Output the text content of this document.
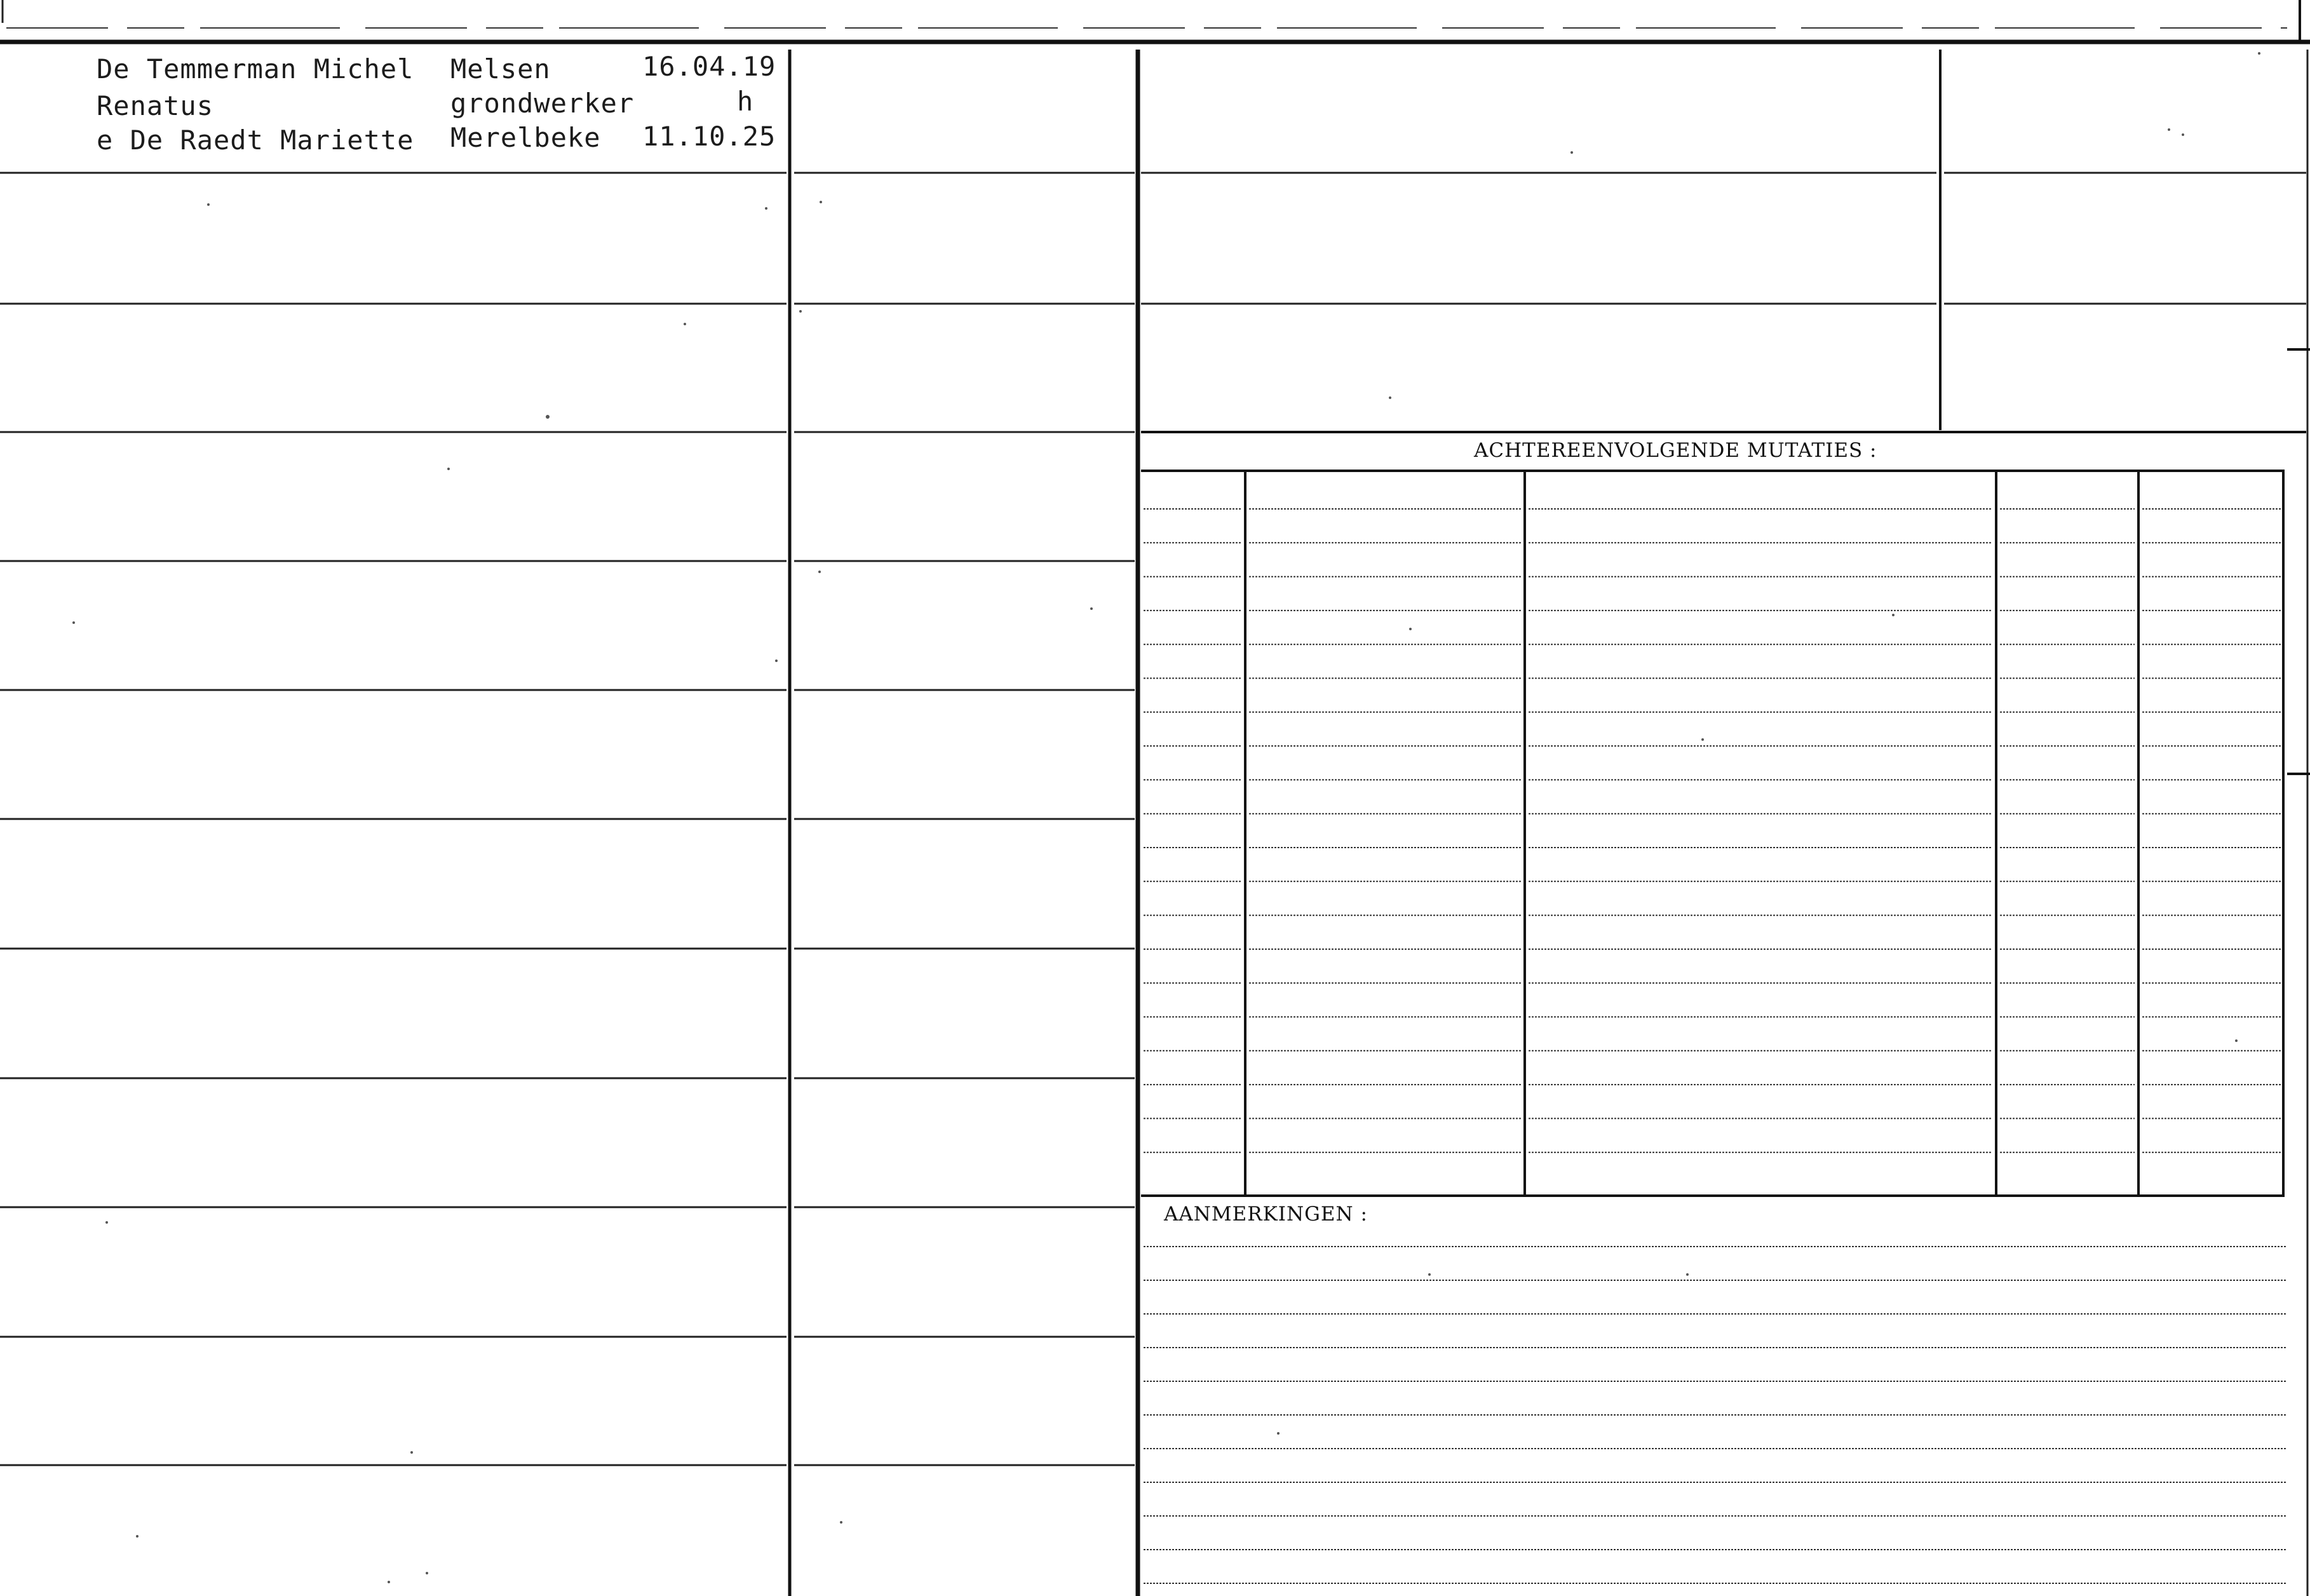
De Temmerman Michel
Renatus
e De Raedt Mariette
Melsen
grondwerker
Merelbeke
16.04.19
h
11.10.25
ACHTEREENVOLGENDE MUTATIES :
AANMERKINGEN :
